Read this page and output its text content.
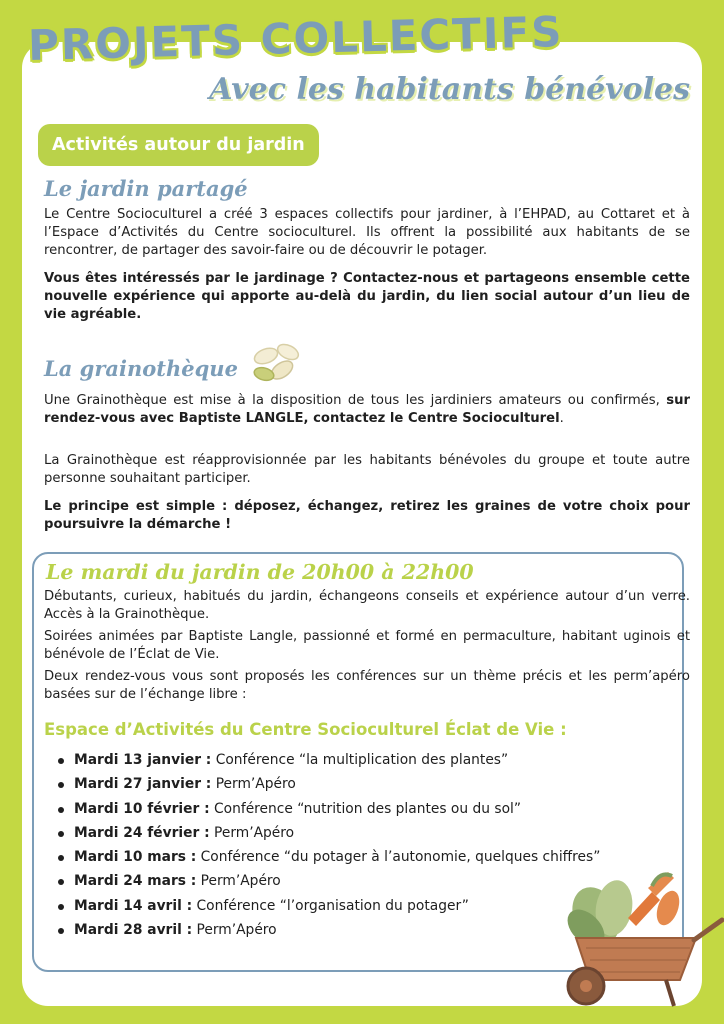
PROJETS COLLECTIFS
Avec les habitants bénévoles
Activités autour du jardin
Le jardin partagé

Le Centre Socioculturel a créé 3 espaces collectifs pour jardiner, à l’EHPAD, au Cottaret et à l’Espace d’Activités du Centre socioculturel. Ils offrent la possibilité aux habitants de se rencontrer, de partager des savoir-faire ou de découvrir le potager.

Vous êtes intéressés par le jardinage ? Contactez-nous et partageons ensemble cette nouvelle expérience qui apporte au-delà du jardin, du lien social autour d’un lieu de vie agréable.

La grainothèque

Une Grainothèque est mise à la disposition de tous les jardiniers amateurs ou confirmés, sur rendez-vous avec Baptiste LANGLE, contactez le Centre Socioculturel.

La Grainothèque est réapprovisionnée par les habitants bénévoles du groupe et toute autre personne souhaitant participer.

Le principe est simple : déposez, échangez, retirez les graines de votre choix pour poursuivre la démarche !

Le mardi du jardin de 20h00 à 22h00

Débutants, curieux, habitués du jardin, échangeons conseils et expérience autour d’un verre. Accès à la Grainothèque.

Soirées animées par Baptiste Langle, passionné et formé en permaculture, habitant uginois et bénévole de l’Éclat de Vie.

Deux rendez-vous vous sont proposés les conférences sur un thème précis et les perm’apéro basées sur de l’échange libre :

Espace d’Activités du Centre Socioculturel Éclat de Vie :
Mardi 13 janvier : Conférence “la multiplication des plantes”
Mardi 27 janvier : Perm’Apéro
Mardi 10 février : Conférence “nutrition des plantes ou du sol”
Mardi 24 février : Perm’Apéro
Mardi 10 mars : Conférence “du potager à l’autonomie, quelques chiffres”
Mardi 24 mars : Perm’Apéro
Mardi 14 avril : Conférence “l’organisation du potager”
Mardi 28 avril : Perm’Apéro
